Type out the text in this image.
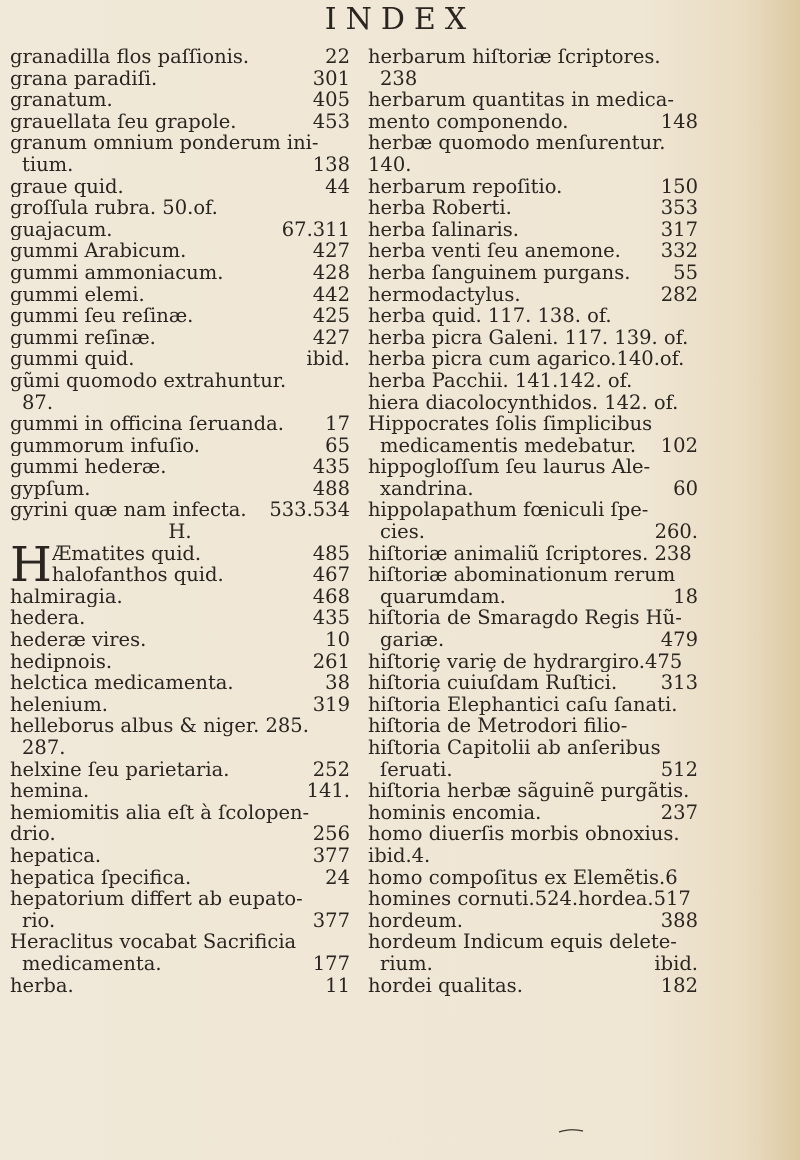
INDEX
granadilla flos paſſionis.	22
grana paradiſi.	301
granatum.	405
grauellata ſeu grapole.	453
granum omnium ponderum ini-
tium.	138
graue quid.	44
groſſula rubra. 50.of.
guajacum.	67.311
gummi Arabicum.	427
gummi ammoniacum.	428
gummi elemi.	442
gummi ſeu reſinæ.	425
gummi reſinæ.	427
gummi quid.	ibid.
gũmi quomodo extrahuntur.
87.
gummi in officina ſeruanda. 17
gummorum infuſio.	65
gummi hederæ.	435
gypſum.	488
gyrini quæ nam infecta. 533.534
H.
H Æmatites quid.	485
halofanthos quid.	467
halmiragia.	468
hedera.	435
hederæ vires.	10
hedipnois.	261
helctica medicamenta.	38
helenium.	319
helleborus albus & niger. 285.
287.
helxine ſeu parietaria.	252
hemina.	141.
hemiomitis alia eſt à ſcolopen-
drio.	256
hepatica.	377
hepatica ſpecifica.	24
hepatorium differt ab eupato-
rio.	377
Heraclitus vocabat Sacrificia
medicamenta.	177
herba.	11
herbarum hiſtoriæ ſcriptores.
238
herbarum quantitas in medica-
mento componendo.	148
herbæ quomodo menſurentur.
140.
herbarum repoſitio.	150
herba Roberti.	353
herba ſalinaris.	317
herba venti ſeu anemone. 332
herba ſanguinem purgans. 55
hermodactylus.	282
herba quid. 117. 138. of.
herba picra Galeni. 117. 139. of.
herba picra cum agarico.140.of.
herba Pacchii. 141.142. of.
hiera diacolocynthidos. 142. of.
Hippocrates ſolis ſimplicibus
medicamentis medebatur. 102
hippogloſſum ſeu laurus Ale-
xandrina.	60
hippolapathum fœniculi ſpe-
cies.	260.
hiſtoriæ animaliũ ſcriptores. 238
hiſtoriæ abominationum rerum
quarumdam.	18
hiſtoria de Smaragdo Regis Hũ-
gariæ.	479
hiſtoriȩ variȩ de hydrargiro.475
hiſtoria cuiuſdam Ruſtici. 313
hiſtoria Elephantici caſu ſanati.
hiſtoria de Metrodori filio-
hiſtoria Capitolii ab anſeribus
ſeruati.	512
hiſtoria herbæ sãguinẽ purgãtis.
hominis encomia.	237
homo diuerſis morbis obnoxius.
ibid.4.
homo compoſitus ex Elemẽtis.6
homines cornuti.524.hordea.517
hordeum.	388
hordeum Indicum equis delete-
rium.	ibid.
hordei qualitas.	182
